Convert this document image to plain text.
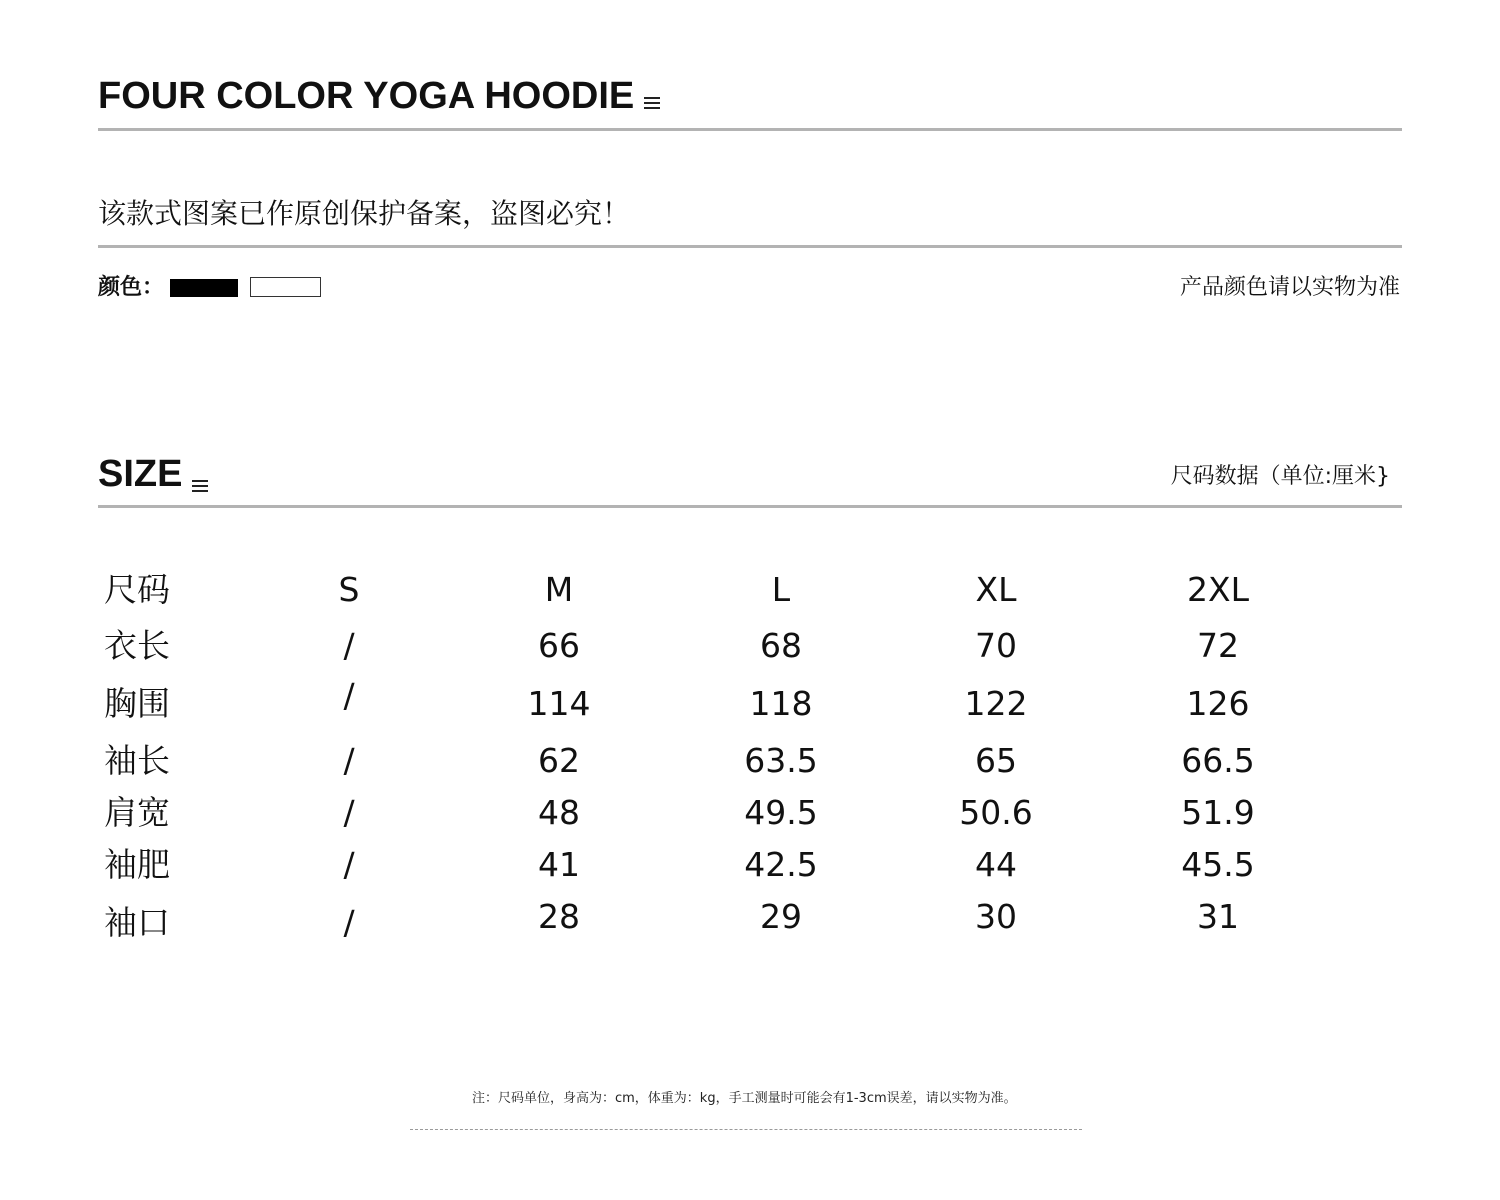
FOUR COLOR YOGA HOODIE
该款式图案已作原创保护备案，盗图必究！
颜色：	产品颜色请以实物为准
SIZE	尺码数据（单位:厘米}
尺码	S	M	L	XL	2XL
衣长	/	66	68	70	72
胸围	/	114	118	122	126
袖长	/	62	63.5	65	66.5
肩宽	/	48	49.5	50.6	51.9
袖肥	/	41	42.5	44	45.5
袖口	/	28	29	30	31
注：尺码单位，身高为：cm，体重为：kg，手工测量时可能会有1-3cm误差，请以实物为准。
